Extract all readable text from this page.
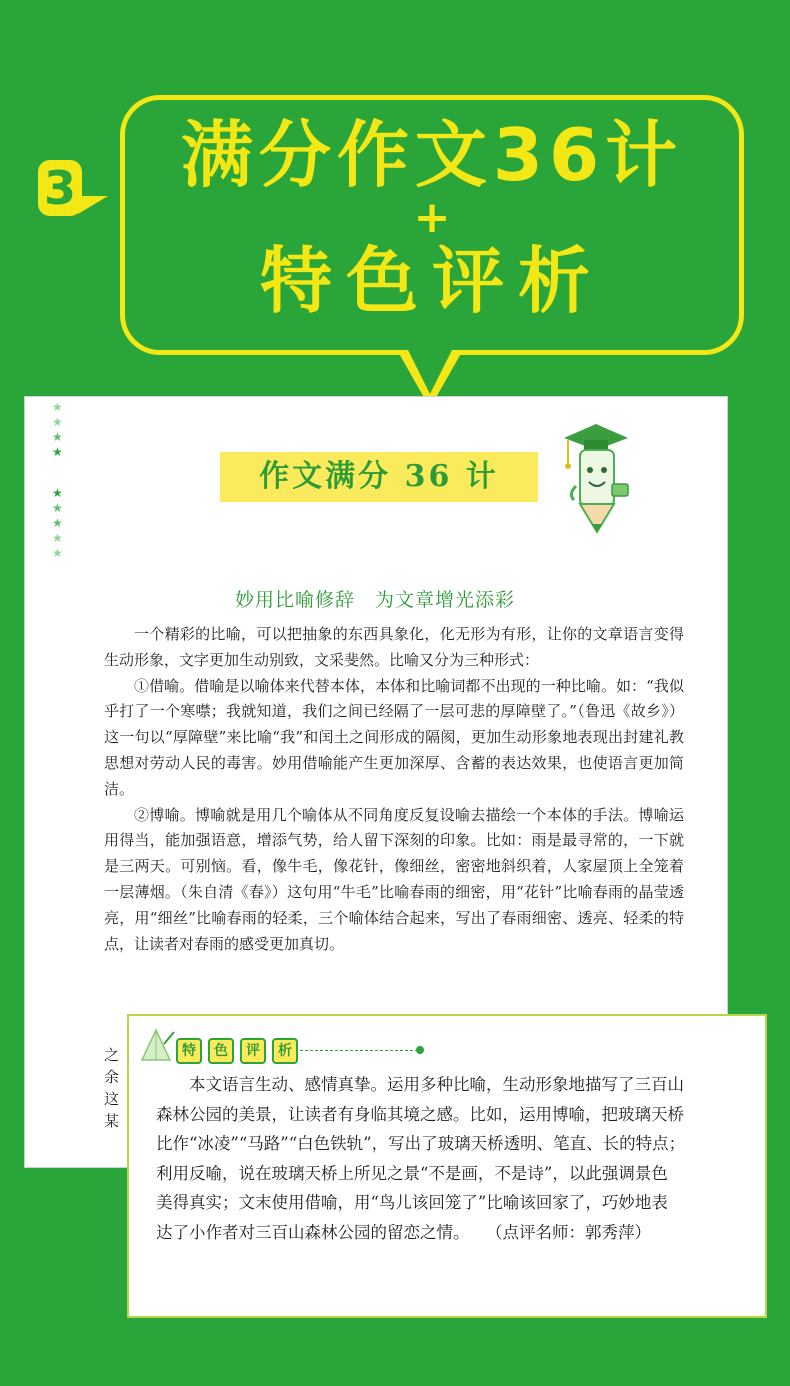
3	满分作文36计
+
特色评析
★
★
★
★
★
★
★
★
★
作文满分 36 计
妙用比喻修辞　为文章增光添彩

一个精彩的比喻，可以把抽象的东西具象化，化无形为有形，让你的文章语言变得生动形象，文字更加生动别致，文采斐然。比喻又分为三种形式：

①借喻。借喻是以喻体来代替本体，本体和比喻词都不出现的一种比喻。如：“我似乎打了一个寒噤；我就知道，我们之间已经隔了一层可悲的厚障壁了。”（鲁迅《故乡》）这一句以“厚障壁”来比喻“我”和闰土之间形成的隔阂，更加生动形象地表现出封建礼教思想对劳动人民的毒害。妙用借喻能产生更加深厚、含蓄的表达效果，也使语言更加简洁。

②博喻。博喻就是用几个喻体从不同角度反复设喻去描绘一个本体的手法。博喻运用得当，能加强语意，增添气势，给人留下深刻的印象。比如：雨是最寻常的，一下就是三两天。可别恼。看，像牛毛，像花针，像细丝，密密地斜织着，人家屋顶上全笼着一层薄烟。（朱自清《春》）这句用“牛毛”比喻春雨的细密，用“花针”比喻春雨的晶莹透亮，用“细丝”比喻春雨的轻柔，三个喻体结合起来，写出了春雨细密、透亮、轻柔的特点，让读者对春雨的感受更加真切。

之
余
这
某
特	色	评	析
　　本文语言生动、感情真挚。运用多种比喻，生动形象地描写了三百山
森林公园的美景，让读者有身临其境之感。比如，运用博喻，把玻璃天桥
比作“冰凌”“马路”“白色铁轨”，写出了玻璃天桥透明、笔直、长的特点；
利用反喻，说在玻璃天桥上所见之景“不是画，不是诗”，以此强调景色
美得真实；文末使用借喻，用“鸟儿该回笼了”比喻该回家了，巧妙地表
达了小作者对三百山森林公园的留恋之情。　　（点评名师：郭秀萍）
